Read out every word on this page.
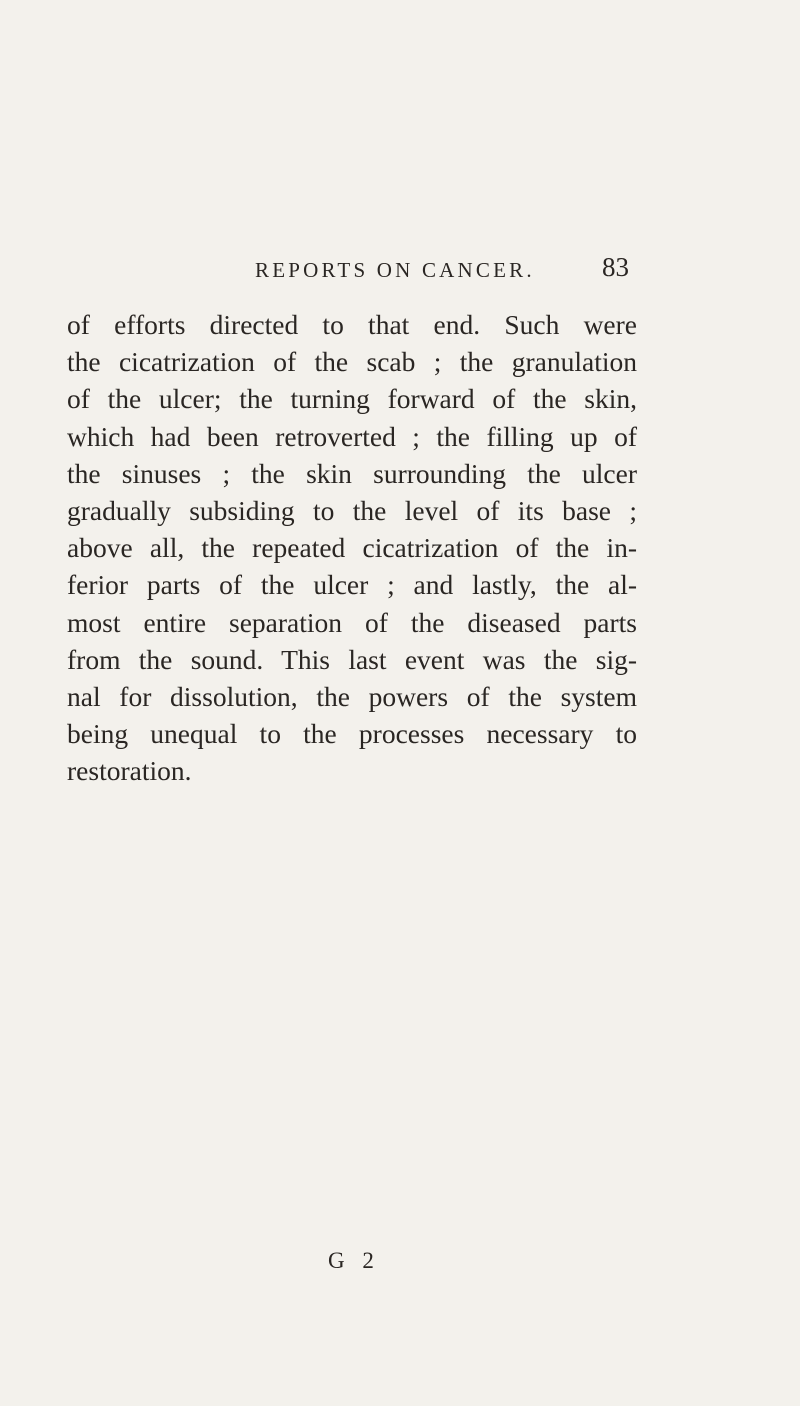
REPORTS ON CANCER. 83
of efforts directed to that end. Such were
the cicatrization of the scab ; the granulation
of the ulcer; the turning forward of the skin,
which had been retroverted ; the filling up of
the sinuses ; the skin surrounding the ulcer
gradually subsiding to the level of its base ;
above all, the repeated cicatrization of the in-
ferior parts of the ulcer ; and lastly, the al-
most entire separation of the diseased parts
from the sound. This last event was the sig-
nal for dissolution, the powers of the system
being unequal to the processes necessary to
restoration.
G 2
